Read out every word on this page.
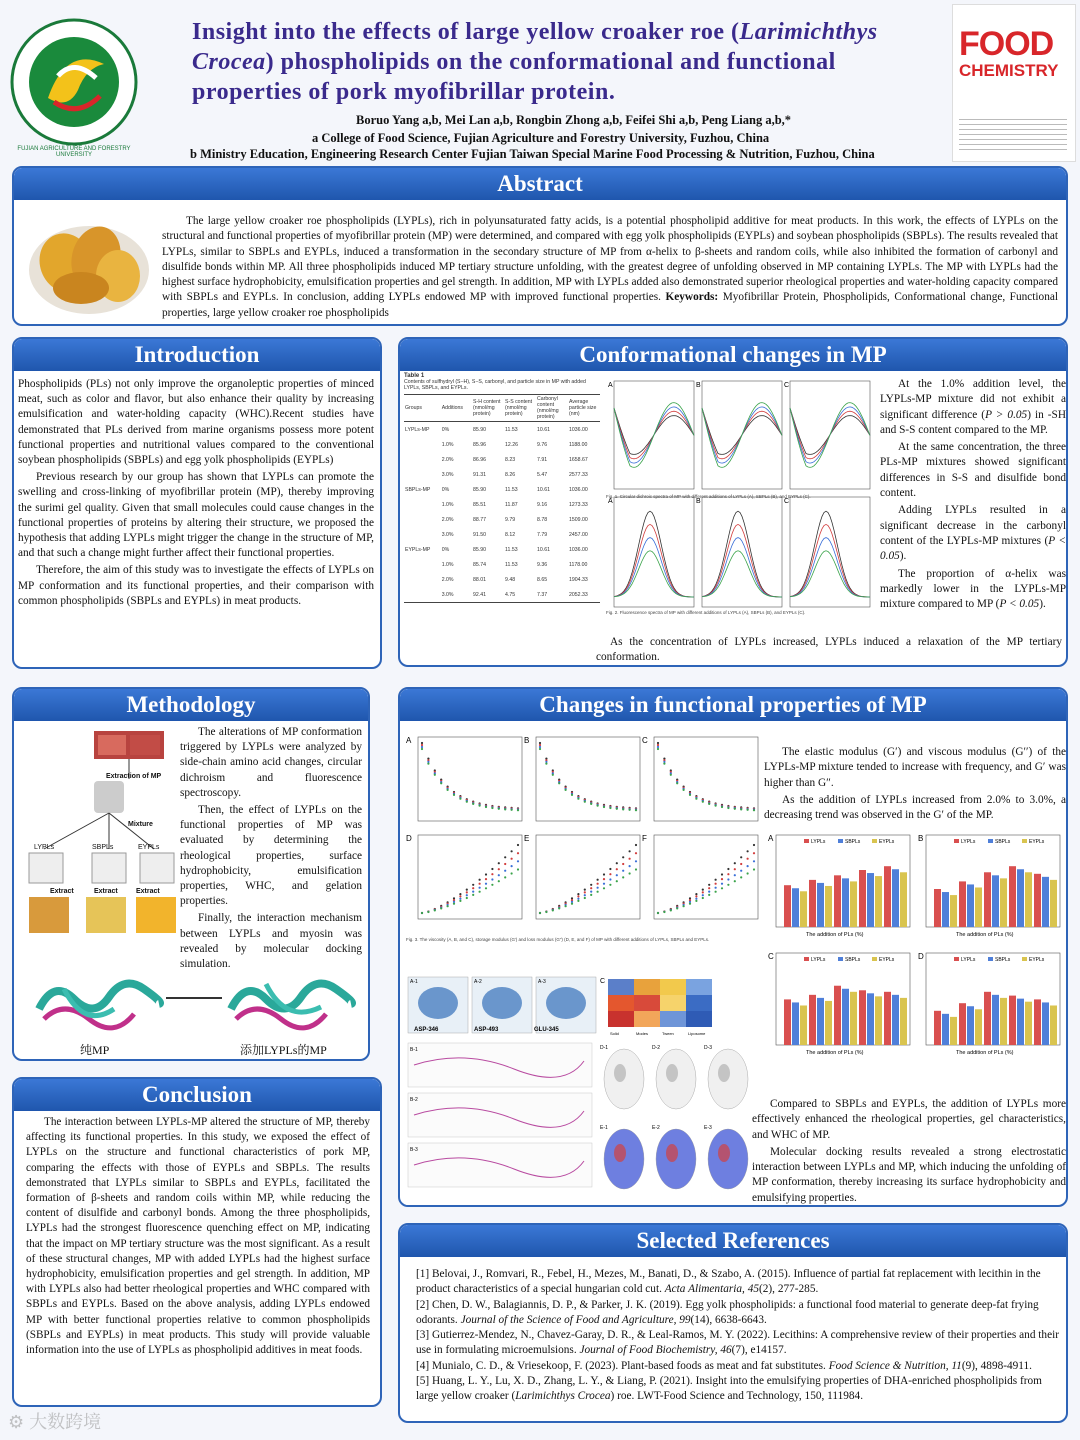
FUJIAN AGRICULTURE AND FORESTRY UNIVERSITY
Insight into the effects of large yellow croaker roe (Larimichthys
Crocea) phospholipids on the conformational and functional
properties of pork myofibrillar protein.
Boruo Yang a,b, Mei Lan a,b, Rongbin Zhong a,b, Feifei Shi a,b, Peng Liang a,b,*
a College of Food Science, Fujian Agriculture and Forestry University, Fuzhou, China
b Ministry Education, Engineering Research Center Fujian Taiwan Special Marine Food Processing & Nutrition, Fuzhou, China
FOOD
CHEMISTRY
Abstract
The large yellow croaker roe phospholipids (LYPLs), rich in polyunsaturated fatty acids, is a potential phospholipid additive for meat products. In this work, the effects of LYPLs on the structural and functional properties of myofibrillar protein (MP) were determined, and compared with egg yolk phospholipids (EYPLs) and soybean phospholipids (SBPLs). The results revealed that LYPLs, similar to SBPLs and EYPLs, induced a transformation in the secondary structure of MP from α-helix to β-sheets and random coils, while also inhibited the formation of carbonyl and disulfide bonds within MP. All three phospholipids induced MP tertiary structure unfolding, with the greatest degree of unfolding observed in MP containing LYPLs. The MP with LYPLs had the highest surface hydrophobicity, emulsification properties and gel strength. In addition, MP with LYPLs added also demonstrated superior rheological properties and water-holding capacity compared with SBPLs and EYPLs. In conclusion, adding LYPLs endowed MP with improved functional properties. Keywords: Myofibrillar Protein, Phospholipids, Conformational change, Functional properties, large yellow croaker roe phospholipids
Introduction

Phospholipids (PLs) not only improve the organoleptic properties of minced meat, such as color and flavor, but also enhance their quality by increasing emulsification and water-holding capacity (WHC).Recent studies have demonstrated that PLs derived from marine organisms possess more potent functional properties and nutritional values compared to the conventional soybean phospholipids (SBPLs) and egg yolk phospholipids (EYPLs)

Previous research by our group has shown that LYPLs can promote the swelling and cross-linking of myofibrillar protein (MP), thereby improving the surimi gel quality. Given that small molecules could cause changes in the functional properties of proteins by altering their structure, we proposed the hypothesis that adding LYPLs might trigger the change in the structure of MP, and that such a change might further affect their functional properties.

Therefore, the aim of this study was to investigate the effects of LYPLs on MP conformation and its functional properties, and their comparison with common phospholipids (SBPLs and EYPLs) in meat products.

Methodology
Extraction of MP
Mixture
LYPLs	SBPLs	EYPLs
Extract	Extract	Extract

The alterations of MP conformation triggered by LYPLs were analyzed by side-chain amino acid changes, circular dichroism and fluorescence spectroscopy.

Then, the effect of LYPLs on the functional properties of MP was evaluated by determining the rheological properties, surface hydrophobicity, emulsification properties, WHC, and gelation properties.

Finally, the interaction mechanism between LYPLs and myosin was revealed by molecular docking simulation.

纯MP	添加LYPLs的MP
Conclusion

The interaction between LYPLs-MP altered the structure of MP, thereby affecting its functional properties. In this study, we exposed the effect of LYPLs on the structure and functional characteristics of pork MP, comparing the effects with those of EYPLs and SBPLs. The results demonstrated that LYPLs similar to SBPLs and EYPLs, facilitated the formation of β-sheets and random coils within MP, while reducing the content of disulfide and carbonyl bonds. Among the three phospholipids, LYPLs had the strongest fluorescence quenching effect on MP, indicating that the impact on MP tertiary structure was the most significant. As a result of these structural changes, MP with added LYPLs had the highest surface hydrophobicity, emulsification properties and gel strength. In addition, MP with LYPLs also had better rheological properties and WHC compared with SBPLs and EYPLs. Based on the above analysis, adding LYPLs endowed MP with better functional properties relative to common phospholipids (SBPLs and EYPLs) in meat products. This study will provide valuable information into the use of LYPLs as phospholipid additives in meat foods.

Conformational changes in MP
Table 1
Contents of sulfhydryl (S−H), S−S, carbonyl, and particle size in MP with added LYPLs, SBPLs, and EYPLs.
Groups	Additions	S-H content (nmol/mg protein)	S-S content (nmol/mg protein)	Carbonyl content (nmol/mg protein)	Average particle size (nm)
LYPLs-MP	0%	85.90	11.53	10.61	1036.00
	1.0%	85.96	12.26	9.76	1188.00
	2.0%	86.96	8.23	7.91	1658.67
	3.0%	91.31	8.26	5.47	2577.33
SBPLs-MP	0%	85.90	11.53	10.61	1036.00
	1.0%	85.51	11.87	9.16	1273.33
	2.0%	88.77	9.79	8.78	1509.00
	3.0%	91.50	8.12	7.79	2457.00
EYPLs-MP	0%	85.90	11.53	10.61	1036.00
	1.0%	85.74	11.53	9.36	1178.00
	2.0%	88.01	9.48	8.65	1904.33
	3.0%	92.41	4.75	7.37	2052.33
A	B	C
A	B	C
Fig. 1. Circular dichroic spectra of MP with different additions of LYPLs (A), SBPLs (B), and EYPLs (C).
Fig. 2. Fluorescence spectra of MP with different additions of LYPLs (A), SBPLs (B), and EYPLs (C).

At the 1.0% addition level, the LYPLs-MP mixture did not exhibit a significant difference (P > 0.05) in -SH and S-S content compared to the MP.

At the same concentration, the three PLs-MP mixtures showed significant differences in S-S and disulfide bond content.

Adding LYPLs resulted in a significant decrease in the carbonyl content of the LYPLs-MP mixtures (P < 0.05).

The proportion of α-helix was markedly lower in the LYPLs-MP mixture compared to MP (P < 0.05).

As the concentration of LYPLs increased, LYPLs induced a relaxation of the MP tertiary conformation.
Changes in functional properties of MP
A	B	C
D	E	F
Fig. 3. The viscosity (A, B, and C), storage modulus (G′) and loss modulus (G″) (D, E, and F) of MP with different additions of LYPLs, SBPLs and EYPLs.
A-1	A-2	A-3
ASP-346	ASP-493	GLU-345
B-1
B-2
B-3
C
Solid	Modes	Tween	Liposome
D-1	D-2	D-3
E-1	E-2	E-3

The elastic modulus (G′) and viscous modulus (G′′) of the LYPLs-MP mixture tended to increase with frequency, and G′ was higher than G″.

As the addition of LYPLs increased from 2.0% to 3.0%, a decreasing trend was observed in the G′ of the MP.

A	LYPLs	SBPLs	EYPLs
The addition of PLs (%)
B	LYPLs	SBPLs	EYPLs
The addition of PLs (%)
C	LYPLs	SBPLs	EYPLs
The addition of PLs (%)
D	LYPLs	SBPLs	EYPLs
The addition of PLs (%)

Compared to SBPLs and EYPLs, the addition of LYPLs more effectively enhanced the rheological properties, gel characteristics, and WHC of MP.

Molecular docking results revealed a strong electrostatic interaction between LYPLs and MP, which inducing the unfolding of MP conformation, thereby increasing its surface hydrophobicity and emulsifying properties.

Selected References
[1] Belovai, J., Romvari, R., Febel, H., Mezes, M., Banati, D., & Szabo, A. (2015). Influence of partial fat replacement with lecithin in the product characteristics of a special hungarian cold cut. Acta Alimentaria, 45(2), 277-285.
[2] Chen, D. W., Balagiannis, D. P., & Parker, J. K. (2019). Egg yolk phospholipids: a functional food material to generate deep-fat frying odorants. Journal of the Science of Food and Agriculture, 99(14), 6638-6643.
[3] Gutierrez-Mendez, N., Chavez-Garay, D. R., & Leal-Ramos, M. Y. (2022). Lecithins: A comprehensive review of their properties and their use in formulating microemulsions. Journal of Food Biochemistry, 46(7), e14157.
[4] Munialo, C. D., & Vriesekoop, F. (2023). Plant-based foods as meat and fat substitutes. Food Science & Nutrition, 11(9), 4898-4911.
[5] Huang, L. Y., Lu, X. D., Zhang, L. Y., & Liang, P. (2021). Insight into the emulsifying properties of DHA-enriched phospholipids from large yellow croaker (Larimichthys Crocea) roe. LWT-Food Science and Technology, 150, 111984.
⚙ 大数跨境
